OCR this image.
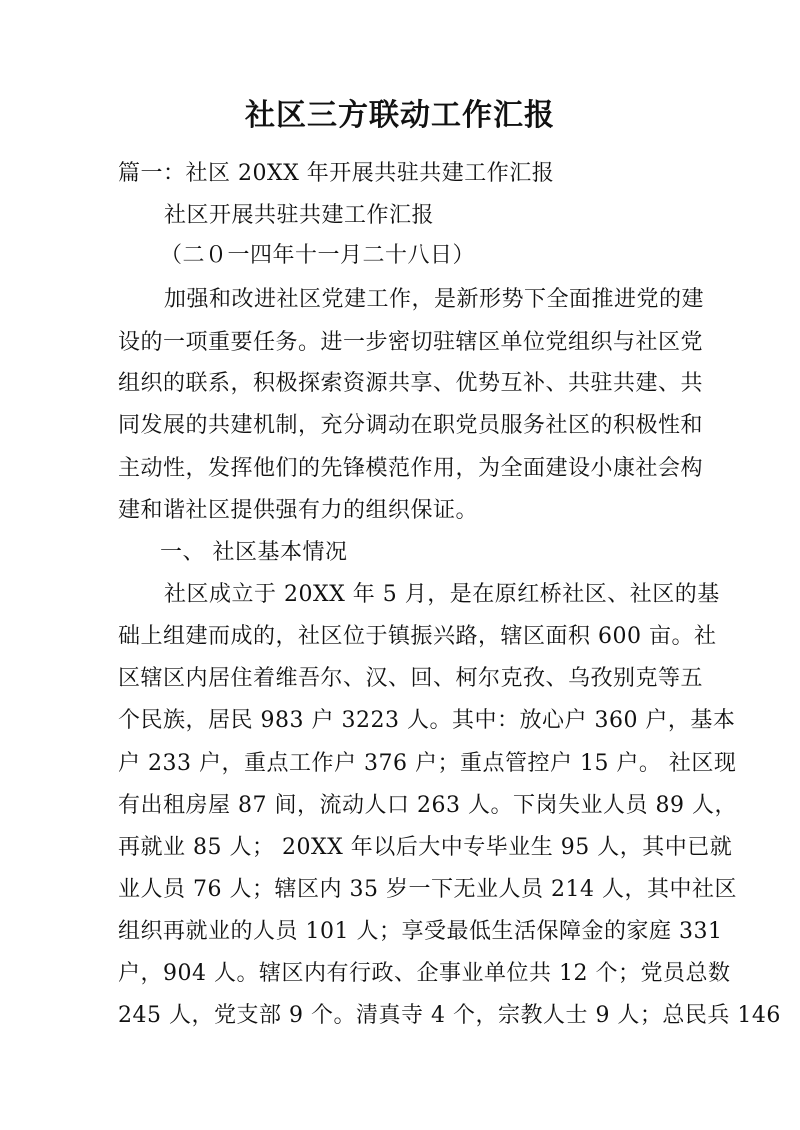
社区三方联动工作汇报
篇一：社区 20XX 年开展共驻共建工作汇报
社区开展共驻共建工作汇报
（二０一四年十一月二十八日）
加强和改进社区党建工作，是新形势下全面推进党的建
设的一项重要任务。进一步密切驻辖区单位党组织与社区党
组织的联系，积极探索资源共享、优势互补、共驻共建、共
同发展的共建机制，充分调动在职党员服务社区的积极性和
主动性，发挥他们的先锋模范作用，为全面建设小康社会构
建和谐社区提供强有力的组织保证。
一、 社区基本情况
社区成立于 20XX 年 5 月，是在原红桥社区、社区的基
础上组建而成的，社区位于镇振兴路，辖区面积 600 亩。社
区辖区内居住着维吾尔、汉、回、柯尔克孜、乌孜别克等五
个民族，居民 983 户 3223 人。其中：放心户 360 户，基本
户 233 户，重点工作户 376 户；重点管控户 15 户。 社区现
有出租房屋 87 间，流动人口 263 人。下岗失业人员 89 人，
再就业 85 人； 20XX 年以后大中专毕业生 95 人，其中已就
业人员 76 人；辖区内 35 岁一下无业人员 214 人，其中社区
组织再就业的人员 101 人；享受最低生活保障金的家庭 331
户，904 人。辖区内有行政、企事业单位共 12 个；党员总数
245 人，党支部 9 个。清真寺 4 个，宗教人士 9 人；总民兵 146
